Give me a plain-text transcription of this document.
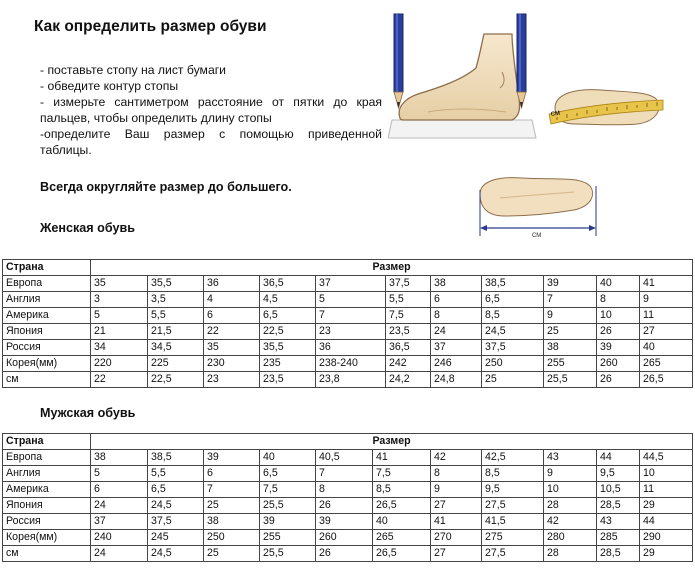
Как определить размер обуви
- поставьте стопу на лист бумаги
- обведите контур стопы
- измерьте сантиметром расстояние от пятки до края пальцев, чтобы определить длину стопы
-определите Ваш размер с помощью приведенной таблицы.
Всегда округляйте размер до большего.
СМ
СМ
Женская обувь
Страна	Размер										
Европа	35	35,5	36	36,5	37	37,5	38	38,5	39	40	41
Англия	3	3,5	4	4,5	5	5,5	6	6,5	7	8	9
Америка	5	5,5	6	6,5	7	7,5	8	8,5	9	10	11
Япония	21	21,5	22	22,5	23	23,5	24	24,5	25	26	27
Россия	34	34,5	35	35,5	36	36,5	37	37,5	38	39	40
Корея(мм)	220	225	230	235	238-240	242	246	250	255	260	265
см	22	22,5	23	23,5	23,8	24,2	24,8	25	25,5	26	26,5
Мужская обувь
Страна	Размер										
Европа	38	38,5	39	40	40,5	41	42	42,5	43	44	44,5
Англия	5	5,5	6	6,5	7	7,5	8	8,5	9	9,5	10
Америка	6	6,5	7	7,5	8	8,5	9	9,5	10	10,5	11
Япония	24	24,5	25	25,5	26	26,5	27	27,5	28	28,5	29
Россия	37	37,5	38	39	39	40	41	41,5	42	43	44
Корея(мм)	240	245	250	255	260	265	270	275	280	285	290
см	24	24,5	25	25,5	26	26,5	27	27,5	28	28,5	29
